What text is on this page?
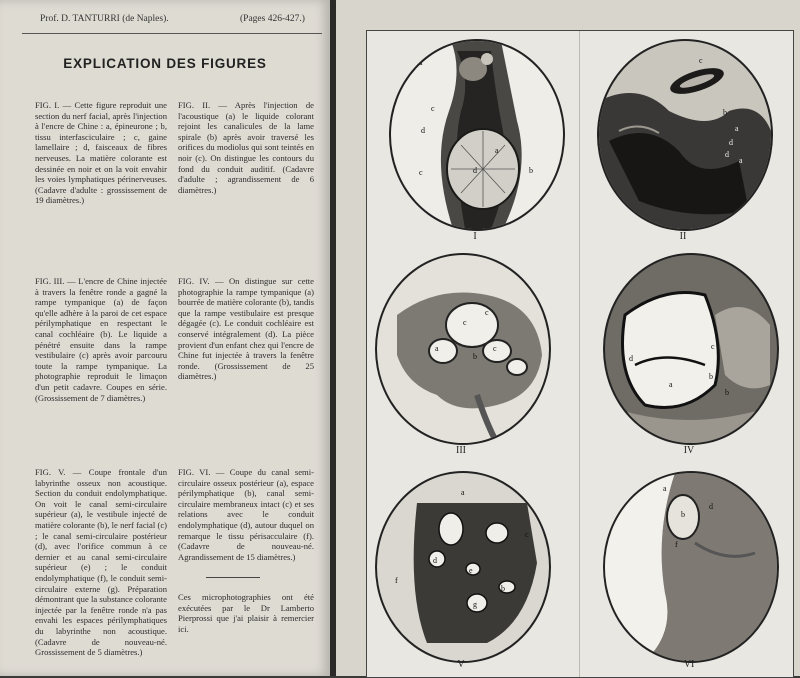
Prof. D. TANTURRI (de Naples).	(Pages 426-427.)
EXPLICATION DES FIGURES
FIG. I. — Cette figure reproduit une section du nerf facial, après l'injection à l'encre de Chine : a, épineurone ; b, tissu interfasciculaire ; c, gaine lamellaire ; d, faisceaux de fibres nerveuses. La matière colorante est dessinée en noir et on la voit envahir les voies lymphatiques périnerveuses. (Cadavre d'adulte : grossissement de 19 diamètres.)
FIG. II. — Après l'injection de l'acoustique (a) le liquide colorant rejoint les canalicules de la lame spirale (b) après avoir traversé les orifices du modiolus qui sont teintés en noir (c). On distingue les contours du fond du conduit auditif. (Cadavre d'adulte ; agrandissement de 6 diamètres.)
FIG. III. — L'encre de Chine injectée à travers la fenêtre ronde a gagné la rampe tympanique (a) de façon qu'elle adhère à la paroi de cet espace périlymphatique en respectant le canal cochléaire (b). Le liquide a pénétré ensuite dans la rampe vestibulaire (c) après avoir parcouru toute la rampe tympanique. La photographie reproduit le limaçon d'un petit cadavre. Coupes en série. (Grossissement de 7 diamètres.)
FIG. IV. — On distingue sur cette photographie la rampe tympanique (a) bourrée de matière colorante (b), tandis que la rampe vestibulaire est presque dégagée (c). Le conduit cochléaire est conservé intégralement (d). La pièce provient d'un enfant chez qui l'encre de Chine fut injectée à travers la fenêtre ronde. (Grossissement de 25 diamètres.)
FIG. V. — Coupe frontale d'un labyrinthe osseux non acoustique. Section du conduit endolymphatique. On voit le canal semi-circulaire supérieur (a), le vestibule injecté de matière colorante (b), le nerf facial (c) ; le canal semi-circulaire postérieur (d), avec l'orifice commun à ce dernier et au canal semi-circulaire supérieur (e) ; le conduit endolymphatique (f), le conduit semi-circulaire externe (g). Préparation démontrant que la substance colorante injectée par la fenêtre ronde n'a pas envahi les espaces périlymphatiques du labyrinthe non acoustique. (Cadavre de nouveau-né. Grossissement de 5 diamètres.)
FIG. VI. — Coupe du canal semi-circulaire osseux postérieur (a), espace périlymphatique (b), canal semi-circulaire membraneux intact (c) et ses relations avec le conduit endolymphatique (d), autour duquel on remarque le tissu périsacculaire (f). (Cadavre de nouveau-né. Agrandissement de 15 diamètres.)
Ces microphotographies ont été exécutées par le Dr Lamberto Pierprossi que j'ai plaisir à remercier ici.
a
c
d
c	d
a
b
I
c
b
a
d
d
a
II
a
c
c
c
b
III
c
d
a
b
b
IV
a
c
d
e
b
g
f
V
a
b
d
f
VI
